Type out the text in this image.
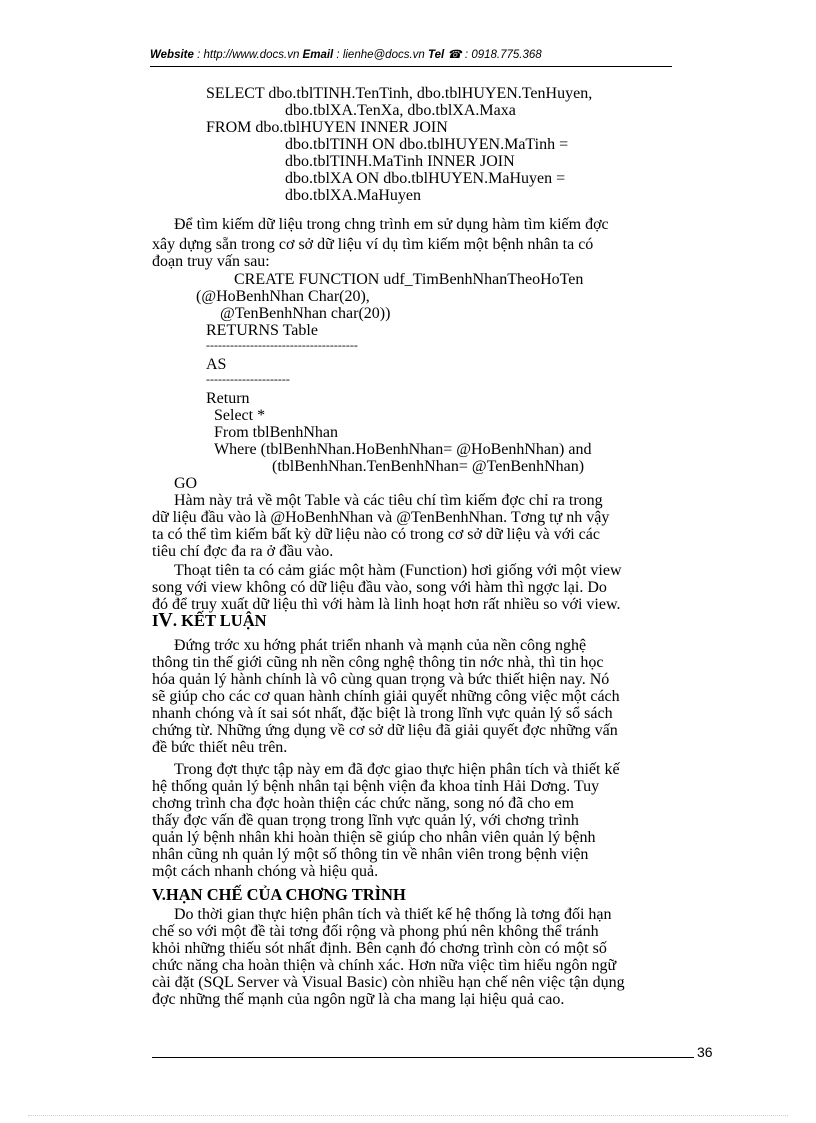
Website : http://www.docs.vn Email : lienhe@docs.vn Tel ☎ : 0918.775.368
SELECT dbo.tblTINH.TenTinh, dbo.tblHUYEN.TenHuyen,
dbo.tblXA.TenXa, dbo.tblXA.Maxa
FROM dbo.tblHUYEN INNER JOIN
dbo.tblTINH ON dbo.tblHUYEN.MaTinh =
dbo.tblTINH.MaTinh INNER JOIN
dbo.tblXA ON dbo.tblHUYEN.MaHuyen =
dbo.tblXA.MaHuyen
Để tìm kiếm dữ liệu trong chng trình em sử dụng hàm tìm kiếm đợc
xây dựng sẵn trong cơ sở dữ liệu ví dụ tìm kiếm một bệnh nhân ta có
đoạn truy vấn sau:
CREATE FUNCTION udf_TimBenhNhanTheoHoTen
(@HoBenhNhan Char(20),
@TenBenhNhan char(20))
RETURNS Table
--------------------------------------
AS
---------------------
Return
Select *
From tblBenhNhan
Where (tblBenhNhan.HoBenhNhan= @HoBenhNhan) and
(tblBenhNhan.TenBenhNhan= @TenBenhNhan)
GO
Hàm này trả về một Table và các tiêu chí tìm kiếm đợc chỉ ra trong
dữ liệu đầu vào là @HoBenhNhan và @TenBenhNhan. Tơng tự nh vậy
ta có thể tìm kiếm bất kỳ dữ liệu nào có trong cơ sở dữ liệu và với các
tiêu chí đợc đa ra ở đầu vào.
Thoạt tiên ta có cảm giác một hàm (Function) hơi giống với một view
song với view không có dữ liệu đầu vào, song với hàm thì ngợc lại. Do
đó để truy xuất dữ liệu thì với hàm là linh hoạt hơn rất nhiều so với view.
IV. KẾT LUẬN
Đứng trớc xu hớng phát triển nhanh và mạnh của nền công nghệ
thông tin thế giới cũng nh nền công nghệ thông tin nớc nhà, thì tin học
hóa quản lý hành chính là vô cùng quan trọng và bức thiết hiện nay. Nó
sẽ giúp cho các cơ quan hành chính giải quyết những công việc một cách
nhanh chóng và ít sai sót nhất, đặc biệt là trong lĩnh vực quản lý sổ sách
chứng từ. Những ứng dụng về cơ sở dữ liệu đã giải quyết đợc những vấn
đề bức thiết nêu trên.
Trong đợt thực tập này em đã đợc giao thực hiện phân tích và thiết kế
hệ thống quản lý bệnh nhân tại bệnh viện đa khoa tỉnh Hải Dơng. Tuy
chơng trình cha đợc hoàn thiện các chức năng, song nó đã cho em
thấy đợc vấn đề quan trọng trong lĩnh vực quản lý, với chơng trình
quản lý bệnh nhân khi hoàn thiện sẽ giúp cho nhân viên quản lý bệnh
nhân cũng nh quản lý một số thông tin về nhân viên trong bệnh viện
một cách nhanh chóng và hiệu quả.
V.HẠN CHẾ CỦA CHƠNG TRÌNH
Do thời gian thực hiện phân tích và thiết kế hệ thống là tơng đối hạn
chế so với một đề tài tơng đối rộng và phong phú nên không thể tránh
khỏi những thiếu sót nhất định. Bên cạnh đó chơng trình còn có một số
chức năng cha hoàn thiện và chính xác. Hơn nữa việc tìm hiểu ngôn ngữ
cài đặt (SQL Server và Visual Basic) còn nhiều hạn chế nên việc tận dụng
đợc những thế mạnh của ngôn ngữ là cha mang lại hiệu quả cao.
36
